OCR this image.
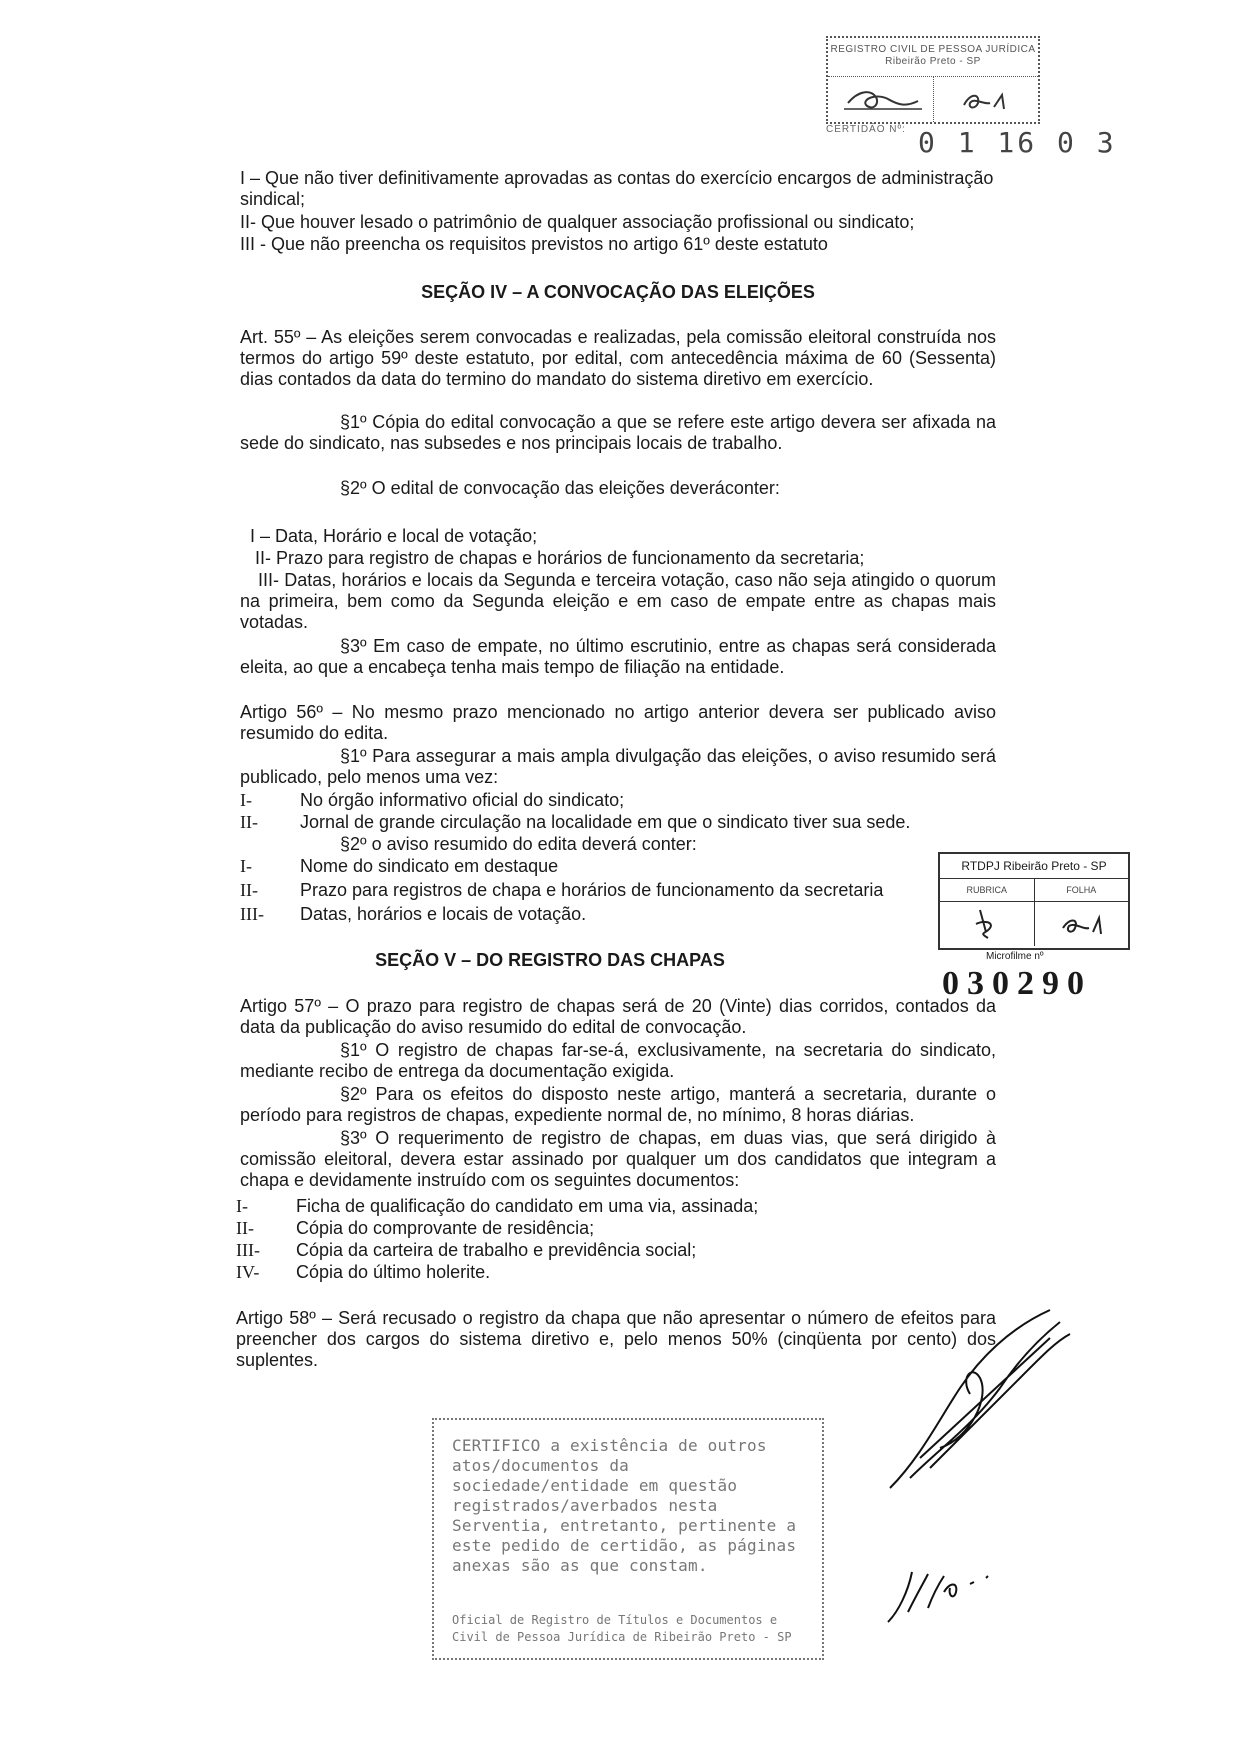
REGISTRO CIVIL DE PESSOA JURÍDICA
Ribeirão Preto - SP
CERTIDÃO Nº: 0 1 16 0 3
I – Que não tiver definitivamente aprovadas as contas do exercício encargos de administração sindical;
II- Que houver lesado o patrimônio de qualquer associação profissional ou sindicato;
III - Que não preencha os requisitos previstos no artigo 61º deste estatuto
SEÇÃO IV – A CONVOCAÇÃO DAS ELEIÇÕES
Art. 55º – As eleições serem convocadas e realizadas, pela comissão eleitoral construída nos termos do artigo 59º deste estatuto, por edital, com antecedência máxima de 60 (Sessenta) dias contados da data do termino do mandato do sistema diretivo em exercício.
§1º Cópia do edital convocação a que se refere este artigo devera ser afixada na sede do sindicato, nas subsedes e nos principais locais de trabalho.
§2º O edital de convocação das eleições deveráconter:
I – Data, Horário e local de votação;
II- Prazo para registro de chapas e horários de funcionamento da secretaria;
III- Datas, horários e locais da Segunda e terceira votação, caso não seja atingido o quorum na primeira, bem como da Segunda eleição e em caso de empate entre as chapas mais votadas.
§3º Em caso de empate, no último escrutinio, entre as chapas será considerada eleita, ao que a encabeça tenha mais tempo de filiação na entidade.
Artigo 56º – No mesmo prazo mencionado no artigo anterior devera ser publicado aviso resumido do edita.
§1º Para assegurar a mais ampla divulgação das eleições, o aviso resumido será publicado, pelo menos uma vez:
I-	No órgão informativo oficial do sindicato;
II- Jornal de grande circulação na localidade em que o sindicato tiver sua sede.
§2º o aviso resumido do edita deverá conter:
I-	Nome do sindicato em destaque
II- Prazo para registros de chapa e horários de funcionamento da secretaria
III- Datas, horários e locais de votação.
RTDPJ Ribeirão Preto - SP
RUBRICA	FOLHA
Microfilme nº
030290
SEÇÃO V – DO REGISTRO DAS CHAPAS
Artigo 57º – O prazo para registro de chapas será de 20 (Vinte) dias corridos, contados da data da publicação do aviso resumido do edital de convocação.
§1º O registro de chapas far-se-á, exclusivamente, na secretaria do sindicato, mediante recibo de entrega da documentação exigida.
§2º Para os efeitos do disposto neste artigo, manterá a secretaria, durante o período para registros de chapas, expediente normal de, no mínimo, 8 horas diárias.
§3º O requerimento de registro de chapas, em duas vias, que será dirigido à comissão eleitoral, devera estar assinado por qualquer um dos candidatos que integram a chapa e devidamente instruído com os seguintes documentos:
I-	Ficha de qualificação do candidato em uma via, assinada;
II- Cópia do comprovante de residência;
III- Cópia da carteira de trabalho e previdência social;
IV- Cópia do último holerite.
Artigo 58º – Será recusado o registro da chapa que não apresentar o número de efeitos para preencher dos cargos do sistema diretivo e, pelo menos 50% (cinqüenta por cento) dos suplentes.
CERTIFICO a existência de outros atos/documentos da sociedade/entidade em questão registrados/averbados nesta Serventia, entretanto, pertinente a este pedido de certidão, as páginas anexas são as que constam.
Oficial de Registro de Títulos e Documentos e Civil de Pessoa Jurídica de Ribeirão Preto - SP
